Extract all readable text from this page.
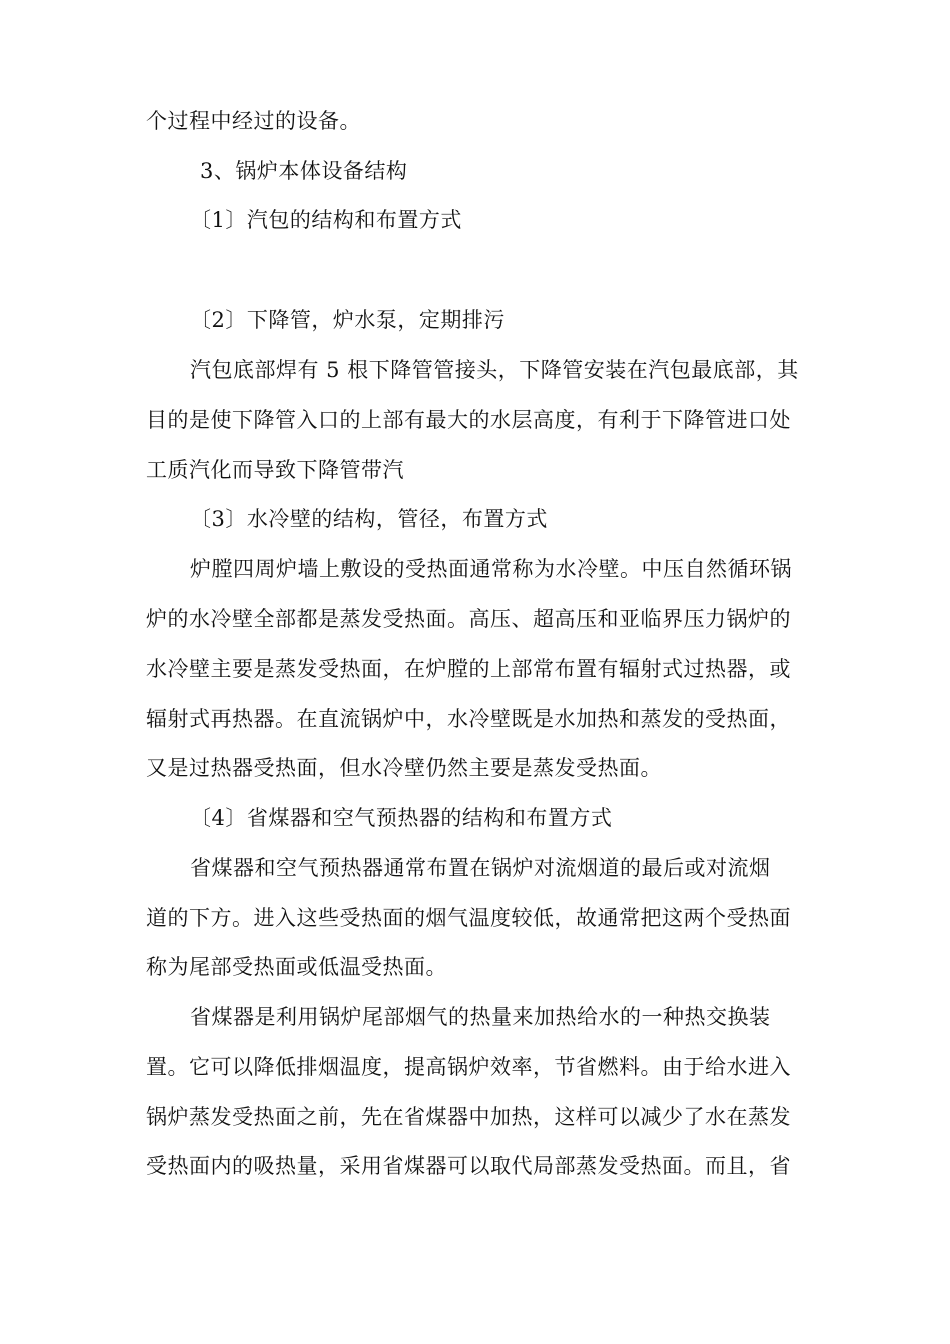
个过程中经过的设备。
3、锅炉本体设备结构
〔1〕汽包的结构和布置方式
〔2〕下降管，炉水泵，定期排污
汽包底部焊有 5 根下降管管接头，下降管安装在汽包最底部，其
目的是使下降管入口的上部有最大的水层高度，有利于下降管进口处
工质汽化而导致下降管带汽
〔3〕水冷壁的结构，管径，布置方式
炉膛四周炉墙上敷设的受热面通常称为水冷壁。中压自然循环锅
炉的水冷壁全部都是蒸发受热面。高压、超高压和亚临界压力锅炉的
水冷壁主要是蒸发受热面，在炉膛的上部常布置有辐射式过热器，或
辐射式再热器。在直流锅炉中，水冷壁既是水加热和蒸发的受热面，
又是过热器受热面，但水冷壁仍然主要是蒸发受热面。
〔4〕省煤器和空气预热器的结构和布置方式
省煤器和空气预热器通常布置在锅炉对流烟道的最后或对流烟
道的下方。进入这些受热面的烟气温度较低，故通常把这两个受热面
称为尾部受热面或低温受热面。
省煤器是利用锅炉尾部烟气的热量来加热给水的一种热交换装
置。它可以降低排烟温度，提高锅炉效率，节省燃料。由于给水进入
锅炉蒸发受热面之前，先在省煤器中加热，这样可以减少了水在蒸发
受热面内的吸热量，采用省煤器可以取代局部蒸发受热面。而且，省
